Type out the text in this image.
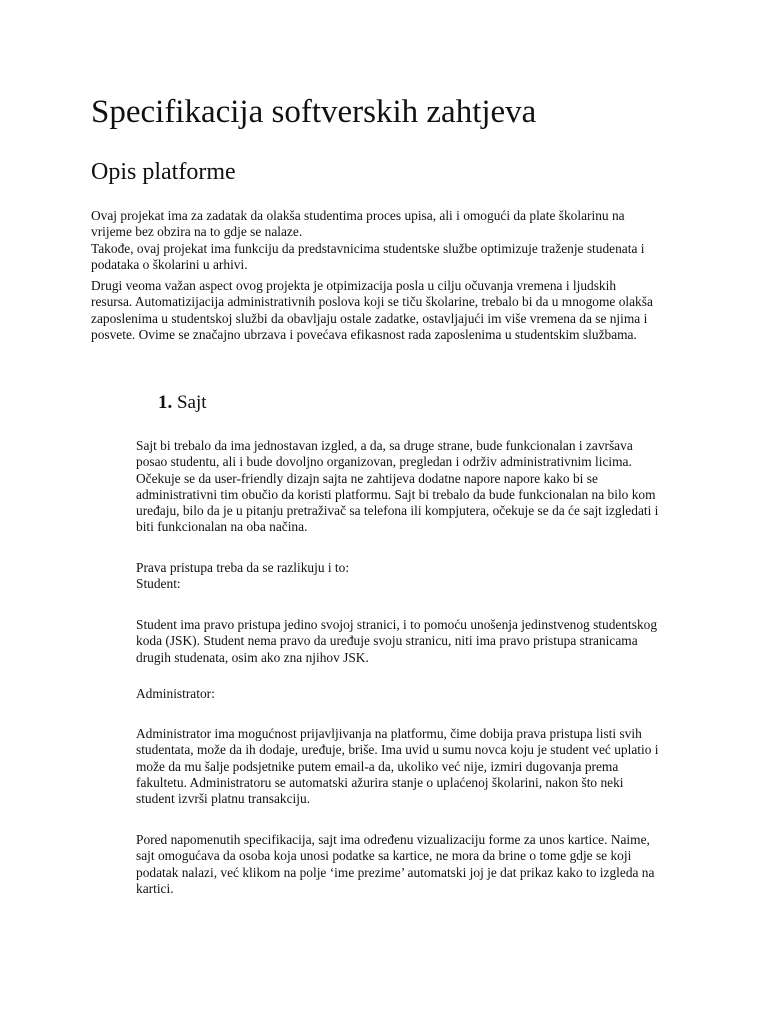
Specifikacija softverskih zahtjeva
Opis platforme

Ovaj projekat ima za zadatak da olakša studentima proces upisa, ali i omogući da plate školarinu na
vrijeme bez obzira na to gdje se nalaze.
Takođe, ovaj projekat ima funkciju da predstavnicima studentske službe optimizuje traženje studenata i
podataka o školarini u arhivi.

Drugi veoma važan aspect ovog projekta je otpimizacija posla u cilju očuvanja vremena i ljudskih
resursa. Automatizijacija administrativnih poslova koji se tiču školarine, trebalo bi da u mnogome olakša
zaposlenima u studentskoj službi da obavljaju ostale zadatke, ostavljajući im više vremena da se njima i
posvete. Ovime se značajno ubrzava i povećava efikasnost rada zaposlenima u studentskim službama.

1. Sajt

Sajt bi trebalo da ima jednostavan izgled, a da, sa druge strane, bude funkcionalan i završava
posao studentu, ali i bude dovoljno organizovan, pregledan i održiv administrativnim licima.
Očekuje se da user-friendly dizajn sajta ne zahtijeva dodatne napore napore kako bi se
administrativni tim obučio da koristi platformu. Sajt bi trebalo da bude funkcionalan na bilo kom
uređaju, bilo da je u pitanju pretraživač sa telefona ili kompjutera, očekuje se da će sajt izgledati i
biti funkcionalan na oba načina.

Prava pristupa treba da se razlikuju i to:
Student:

Student ima pravo pristupa jedino svojoj stranici, i to pomoću unošenja jedinstvenog studentskog
koda (JSK). Student nema pravo da uređuje svoju stranicu, niti ima pravo pristupa stranicama
drugih studenata, osim ako zna njihov JSK.

Administrator:

Administrator ima mogućnost prijavljivanja na platformu, čime dobija prava pristupa listi svih
studentata, može da ih dodaje, uređuje, briše. Ima uvid u sumu novca koju je student već uplatio i
može da mu šalje podsjetnike putem email-a da, ukoliko već nije, izmiri dugovanja prema
fakultetu. Administratoru se automatski ažurira stanje o uplaćenoj školarini, nakon što neki
student izvrši platnu transakciju.

Pored napomenutih specifikacija, sajt ima određenu vizualizaciju forme za unos kartice. Naime,
sajt omogućava da osoba koja unosi podatke sa kartice, ne mora da brine o tome gdje se koji
podatak nalazi, već klikom na polje ‘ime prezime’ automatski joj je dat prikaz kako to izgleda na
kartici.
